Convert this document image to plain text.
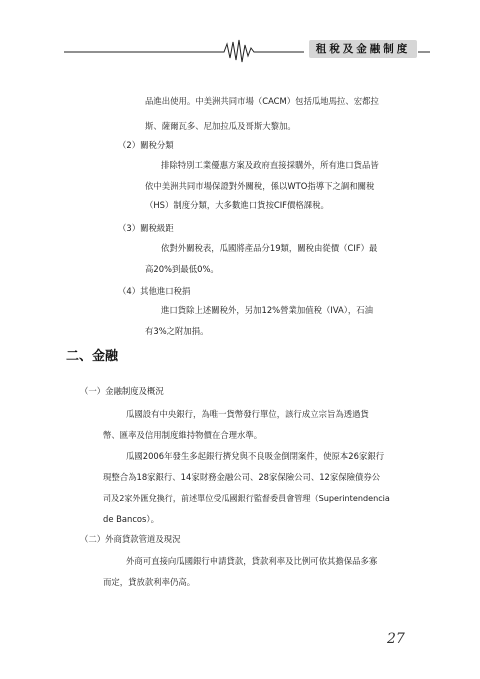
租稅及金融制度
品進出使用。中美洲共同市場（CACM）包括瓜地馬拉、宏都拉
斯、薩爾瓦多、尼加拉瓜及哥斯大黎加。
（2）關稅分類
排除特別工業優惠方案及政府直接採購外，所有進口貨品皆
依中美洲共同市場保證對外關稅，係以WTO指導下之調和關稅
（HS）制度分類，大多數進口貨按CIF價格課稅。
（3）關稅級距
依對外關稅表，瓜國將產品分19類，關稅由從價（CIF）最
高20%到最低0%。
（4）其他進口稅捐
進口貨除上述關稅外，另加12%營業加值稅（IVA），石油
有3%之附加捐。
二、金融
（一）金融制度及概況
瓜國設有中央銀行，為唯一貨幣發行單位，該行成立宗旨為透過貨
幣、匯率及信用制度維持物價在合理水準。
瓜國2006年發生多起銀行擠兌與不良吸金倒閉案件，使原本26家銀行
現整合為18家銀行、14家財務金融公司、28家保險公司、12家保險債券公
司及2家外匯兌換行，前述單位受瓜國銀行監督委員會管理（Superintendencia
de Bancos）。
（二）外商貸款管道及現況
外商可直接向瓜國銀行申請貸款，貸款利率及比例可依其擔保品多寡
而定，貸放款利率仍高。
27
